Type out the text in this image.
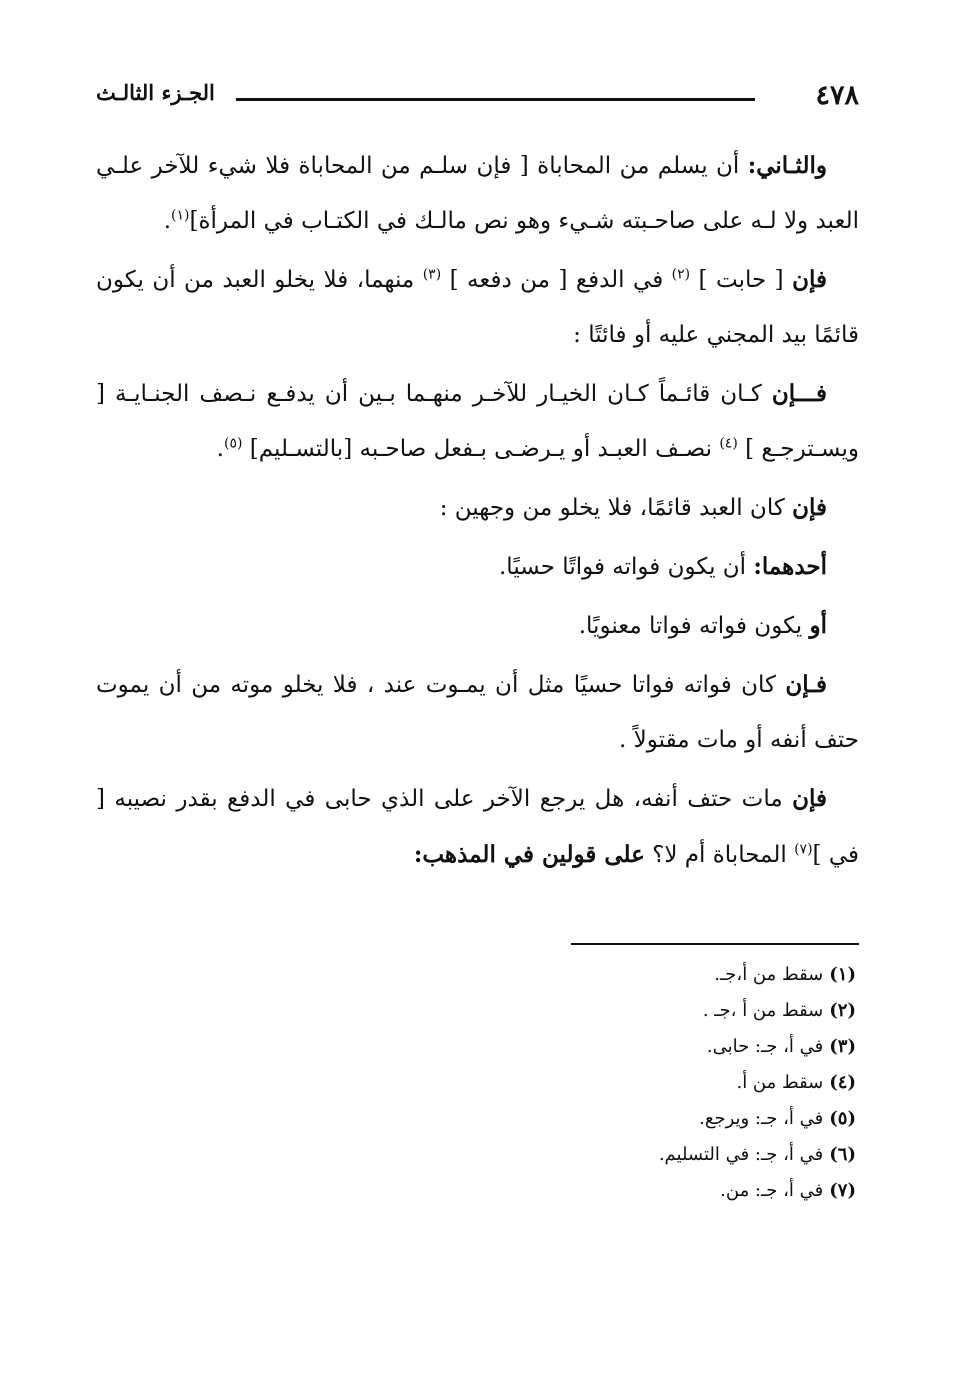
٤٧٨
الجـزء الثالـث

والثـاني: أن يسلم من المحاباة [ فإن سلـم من المحاباة فلا شيء للآخر علـي العبد ولا لـه على صاحـبته شـيء وهو نص مالـك في الكتـاب في المرأة]$^{(١)}$.

فإن [ حابت ] $^{(٢)}$ في الدفع [ من دفعه ] $^{(٣)}$ منهما، فلا يخلو العبد من أن يكون قائمًا بيد المجني عليه أو فائتًا :

فـــإن كـان قائـماً كـان الخيـار للآخـر منهـما بـين أن يدفـع نـصف الجنـايـة [ ويسـترجـع ] $^{(٤)}$ نصـف العبـد أو يـرضـى بـفعل صاحـبه [بالتسـليم] $^{(٥)}$.

فإن كان العبد قائمًا، فلا يخلو من وجهين :

أحدهما: أن يكون فواته فواتًا حسيًا.

أو يكون فواته فواتا معنويًا.

فـإن كان فواته فواتا حسيًا مثل أن يمـوت عند ، فلا يخلو موته من أن يموت حتف أنفه أو مات مقتولاً .

فإن مات حتف أنفه، هل يرجع الآخر على الذي حابى في الدفع بقدر نصيبه [ في ]$^{(٧)}$ المحاباة أم لا؟ على قولين في المذهب:

(١)سقط من أ،جـ.
(٢)سقط من أ ،جـ .
(٣)في أ، جـ: حابى.
(٤)سقط من أ.
(٥)في أ، جـ: ويرجع.
(٦)في أ، جـ: في التسليم.
(٧)في أ، جـ: من.
